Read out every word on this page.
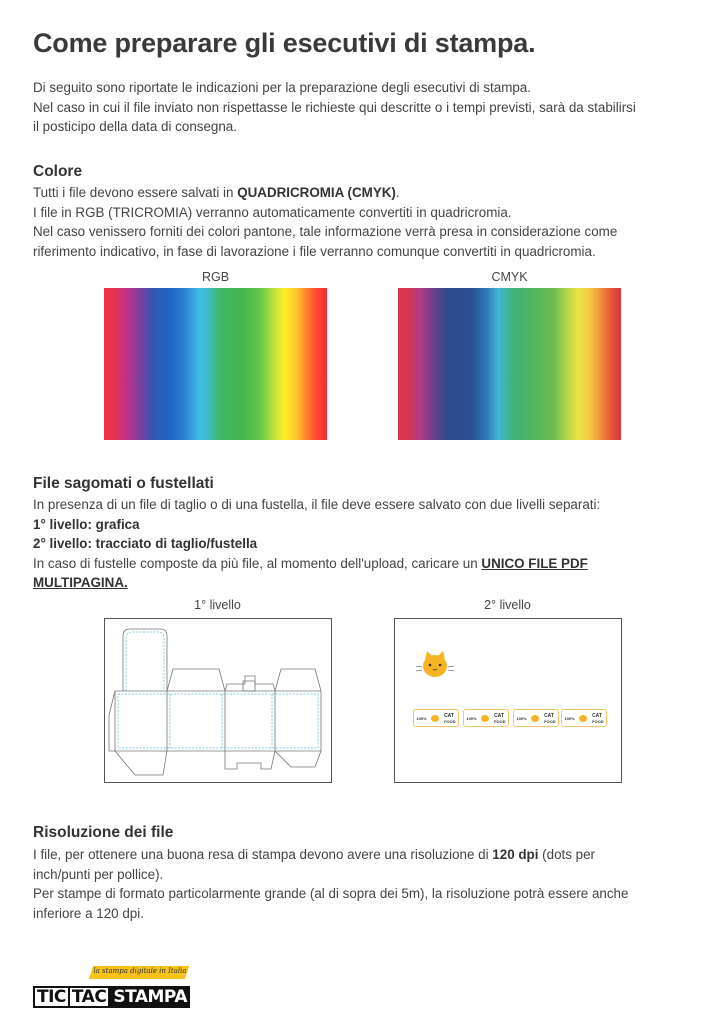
Come preparare gli esecutivi di stampa.

Di seguito sono riportate le indicazioni per la preparazione degli esecutivi di stampa.
Nel caso in cui il file inviato non rispettasse le richieste qui descritte o i tempi previsti, sarà da stabilirsi
il posticipo della data di consegna.

Colore

Tutti i file devono essere salvati in QUADRICROMIA (CMYK).
I file in RGB (TRICROMIA) verranno automaticamente convertiti in quadricromia.
Nel caso venissero forniti dei colori pantone, tale informazione verrà presa in considerazione come
riferimento indicativo, in fase di lavorazione i file verranno comunque convertiti in quadricromia.

RGB	CMYK
File sagomati o fustellati

In presenza di un file di taglio o di una fustella, il file deve essere salvato con due livelli separati:
1° livello: grafica
2° livello: tracciato di taglio/fustella
In caso di fustelle composte da più file, al momento dell'upload, caricare un UNICO FILE PDF
MULTIPAGINA.

1° livello	2° livello
100%	CAT
FOOD
100%	CAT
FOOD
100%	CAT
FOOD
100%	CAT
FOOD
Risoluzione dei file

I file, per ottenere una buona resa di stampa devono avere una risoluzione di 120 dpi (dots per
inch/punti per pollice).
Per stampe di formato particolarmente grande (al di sopra dei 5m), la risoluzione potrà essere anche
inferiore a 120 dpi.

la stampa digitale in Italia
TIC TAC STAMPA
